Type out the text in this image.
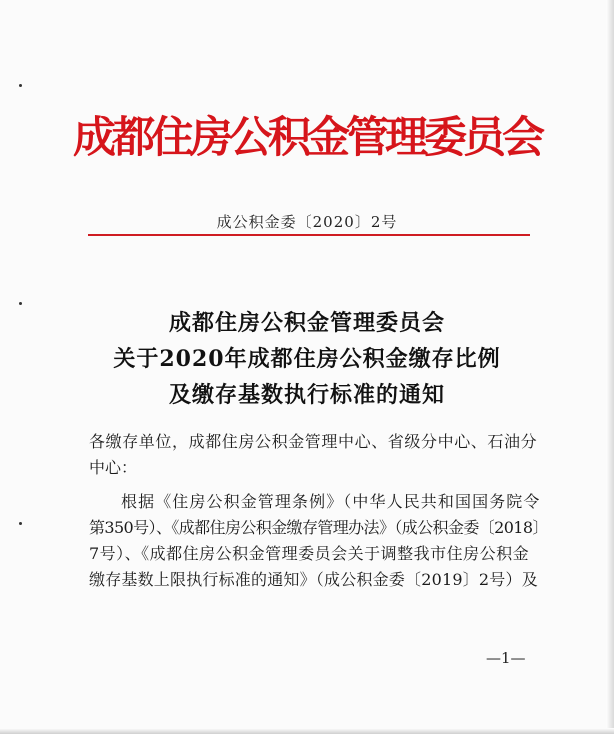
成都住房公积金管理委员会
成公积金委〔2020〕2号
成都住房公积金管理委员会
关于2020年成都住房公积金缴存比例
及缴存基数执行标准的通知
各缴存单位，成都住房公积金管理中心、省级分中心、石油分
中心：
根据《住房公积金管理条例》（中华人民共和国国务院令
第350号）、《成都住房公积金缴存管理办法》（成公积金委〔2018〕
7号）、《成都住房公积金管理委员会关于调整我市住房公积金
缴存基数上限执行标准的通知》（成公积金委〔2019〕2号）及
—1—
